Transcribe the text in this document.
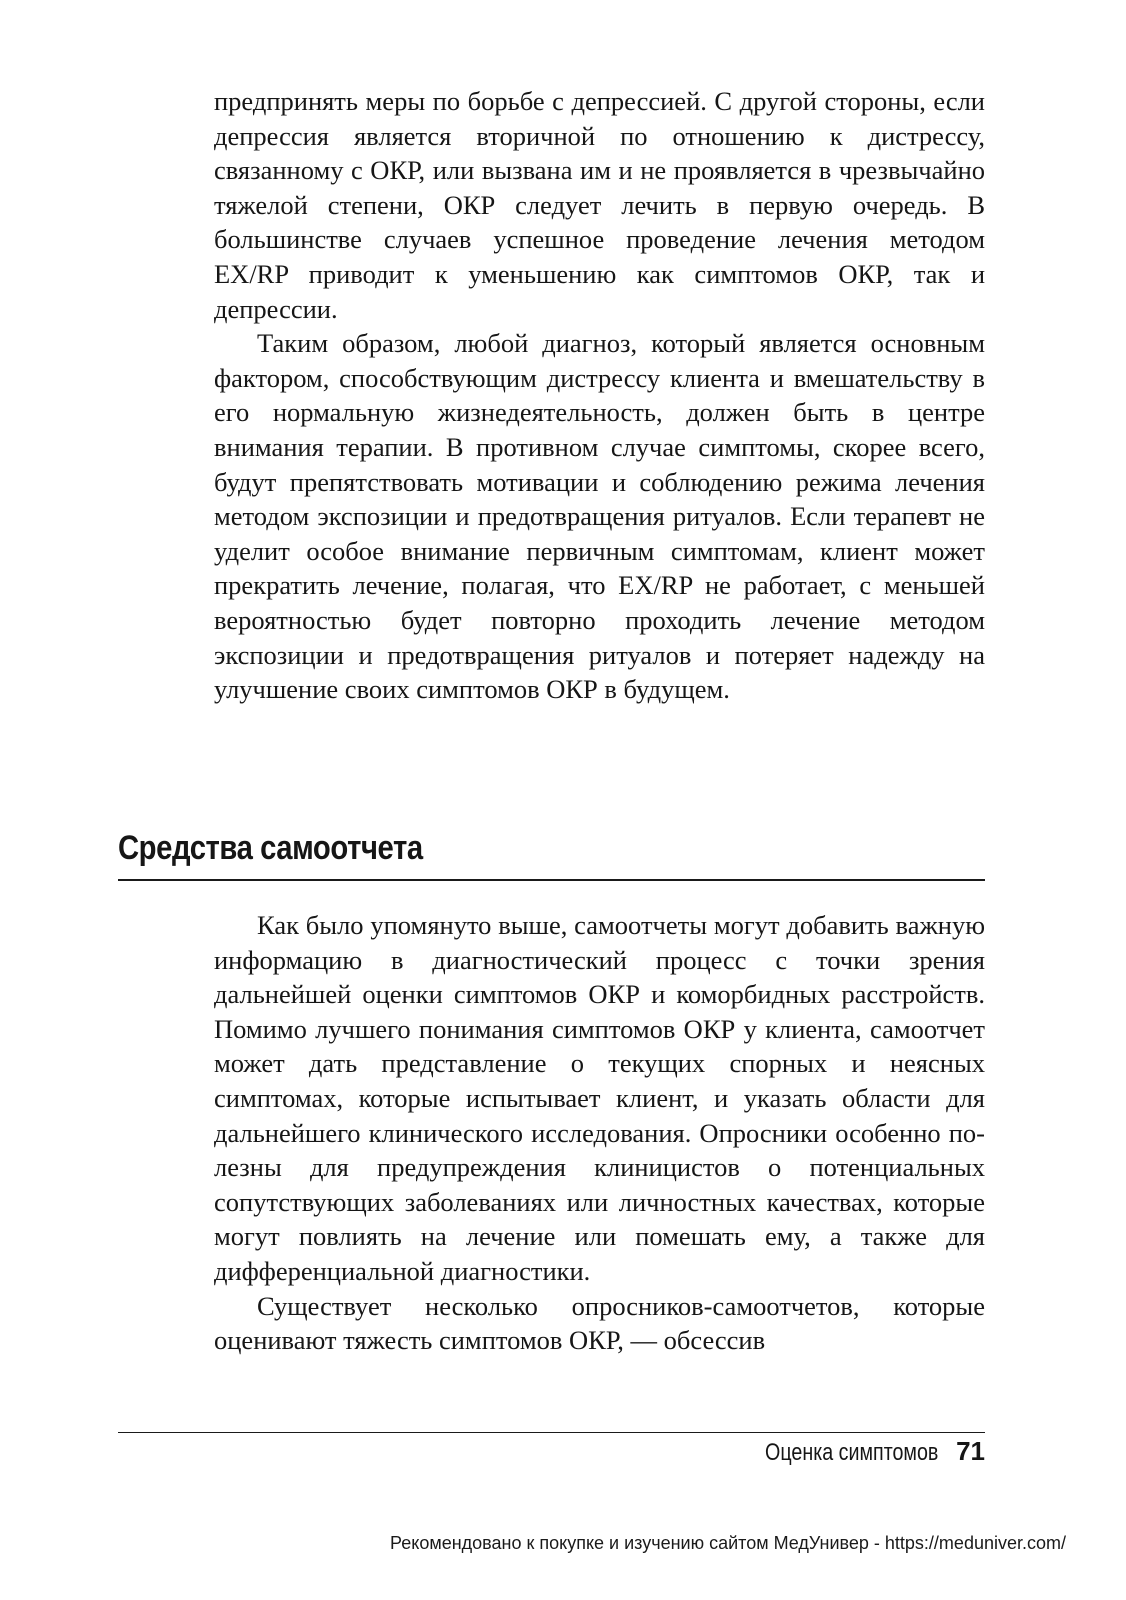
предпринять меры по борьбе с депрессией. С другой стороны, если депрессия является вторичной по отношению к дистрессу, связанному с ОКР, или вызвана им и не проявляется в чрезвычайно тяжелой степени, ОКР следует лечить в первую очередь. В большинстве случаев успешное проведение лечения методом EX/RP приводит к уменьшению как симптомов ОКР, так и депрессии.

Таким образом, любой диагноз, который является основным фактором, способствующим дистрессу клиента и вмешательству в его нормальную жизнедеятельность, должен быть в центре внимания терапии. В противном случае симптомы, скорее всего, будут препятствовать мотивации и соблюдению режима лечения методом экспозиции и предотвращения ритуалов. Если терапевт не уделит особое внимание первичным симптомам, клиент может прекратить лечение, полагая, что EX/RP не работает, с меньшей вероятностью будет повторно проходить лечение методом экспозиции и предотвращения ритуалов и потеряет надежду на улучшение своих симптомов ОКР в будущем.

Средства самоотчета

Как было упомянуто выше, самоотчеты могут добавить важную информацию в диагностический процесс с точки зрения дальнейшей оценки симптомов ОКР и коморбидных расстройств. Помимо лучшего понимания симптомов ОКР у клиента, самоотчет может дать представление о текущих спорных и неясных симптомах, которые испытывает клиент, и указать области для дальнейшего клинического исследования. Опросники особенно полезны для предупреждения клиницистов о потенциальных сопутствующих заболеваниях или личностных качествах, которые могут повлиять на лечение или помешать ему, а также для дифференциальной диагностики.

Существует несколько опросников-самоотчетов, которые оценивают тяжесть симптомов ОКР, — обсессив

Оценка симптомов 71
Рекомендовано к покупке и изучению сайтом МедУнивер - https://meduniver.com/
